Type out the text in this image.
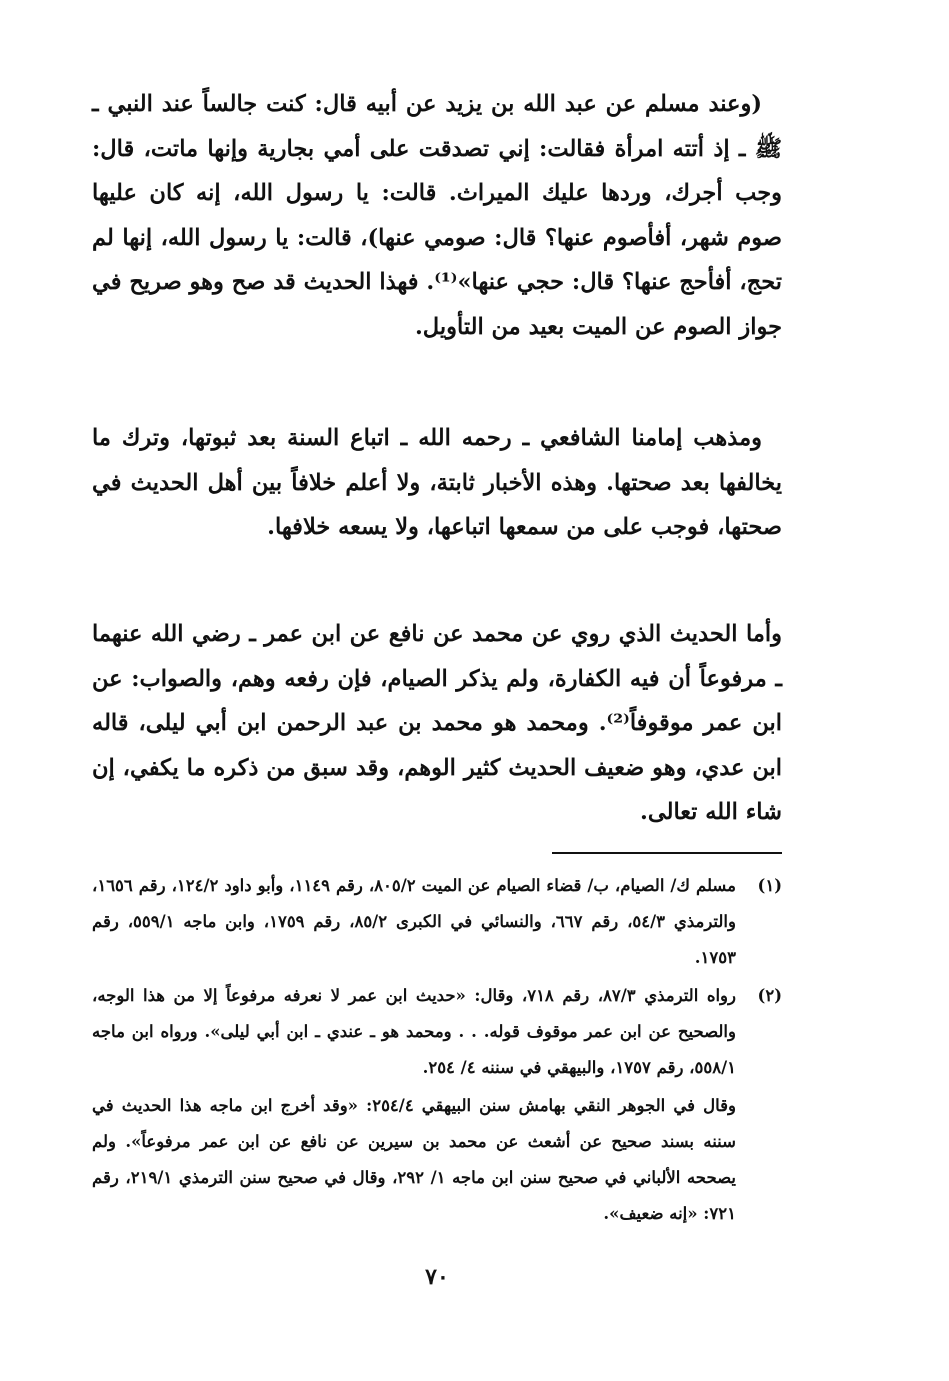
(وعند مسلم عن عبد الله بن يزيد عن أبيه قال: كنت جالساً عند النبي ـ ﷺ ـ إذ أتته امرأة فقالت: إني تصدقت على أمي بجارية وإنها ماتت، قال: وجب أجرك، وردها عليك الميراث. قالت: يا رسول الله، إنه كان عليها صوم شهر، أفأصوم عنها؟ قال: صومي عنها)، قالت: يا رسول الله، إنها لم تحج، أفأحج عنها؟ قال: حجي عنها»⁽¹⁾. فهذا الحديث قد صح وهو صريح في جواز الصوم عن الميت بعيد من التأويل.

ومذهب إمامنا الشافعي ـ رحمه الله ـ اتباع السنة بعد ثبوتها، وترك ما يخالفها بعد صحتها. وهذه الأخبار ثابتة، ولا أعلم خلافاً بين أهل الحديث في صحتها، فوجب على من سمعها اتباعها، ولا يسعه خلافها.

وأما الحديث الذي روي عن محمد عن نافع عن ابن عمر ـ رضي الله عنهما ـ مرفوعاً أن فيه الكفارة، ولم يذكر الصيام، فإن رفعه وهم، والصواب: عن ابن عمر موقوفاً⁽²⁾. ومحمد هو محمد بن عبد الرحمن ابن أبي ليلى، قاله ابن عدي، وهو ضعيف الحديث كثير الوهم، وقد سبق من ذكره ما يكفي، إن شاء الله تعالى.

(١)
مسلم ك/ الصيام، ب/ قضاء الصيام عن الميت ٨٠٥/٢، رقم ١١٤٩، وأبو داود ١٢٤/٢، رقم ١٦٥٦، والترمذي ٥٤/٣، رقم ٦٦٧، والنسائي في الكبرى ٨٥/٢، رقم ١٧٥٩، وابن ماجه ٥٥٩/١، رقم ١٧٥٣.

(٢)
رواه الترمذي ٨٧/٣، رقم ٧١٨، وقال: «حديث ابن عمر لا نعرفه مرفوعاً إلا من هذا الوجه، والصحيح عن ابن عمر موقوف قوله. . . ومحمد هو ـ عندي ـ ابن أبي ليلى». ورواه ابن ماجه ٥٥٨/١، رقم ١٧٥٧، والبيهقي في سننه ٤/ ٢٥٤.

وقال في الجوهر النقي بهامش سنن البيهقي ٢٥٤/٤: «وقد أخرج ابن ماجه هذا الحديث في سننه بسند صحيح عن أشعث عن محمد بن سيرين عن نافع عن ابن عمر مرفوعاً». ولم يصححه الألباني في صحيح سنن ابن ماجه ١/ ٢٩٢، وقال في صحيح سنن الترمذي ٢١٩/١، رقم ٧٢١: «إنه ضعيف».

٧٠
